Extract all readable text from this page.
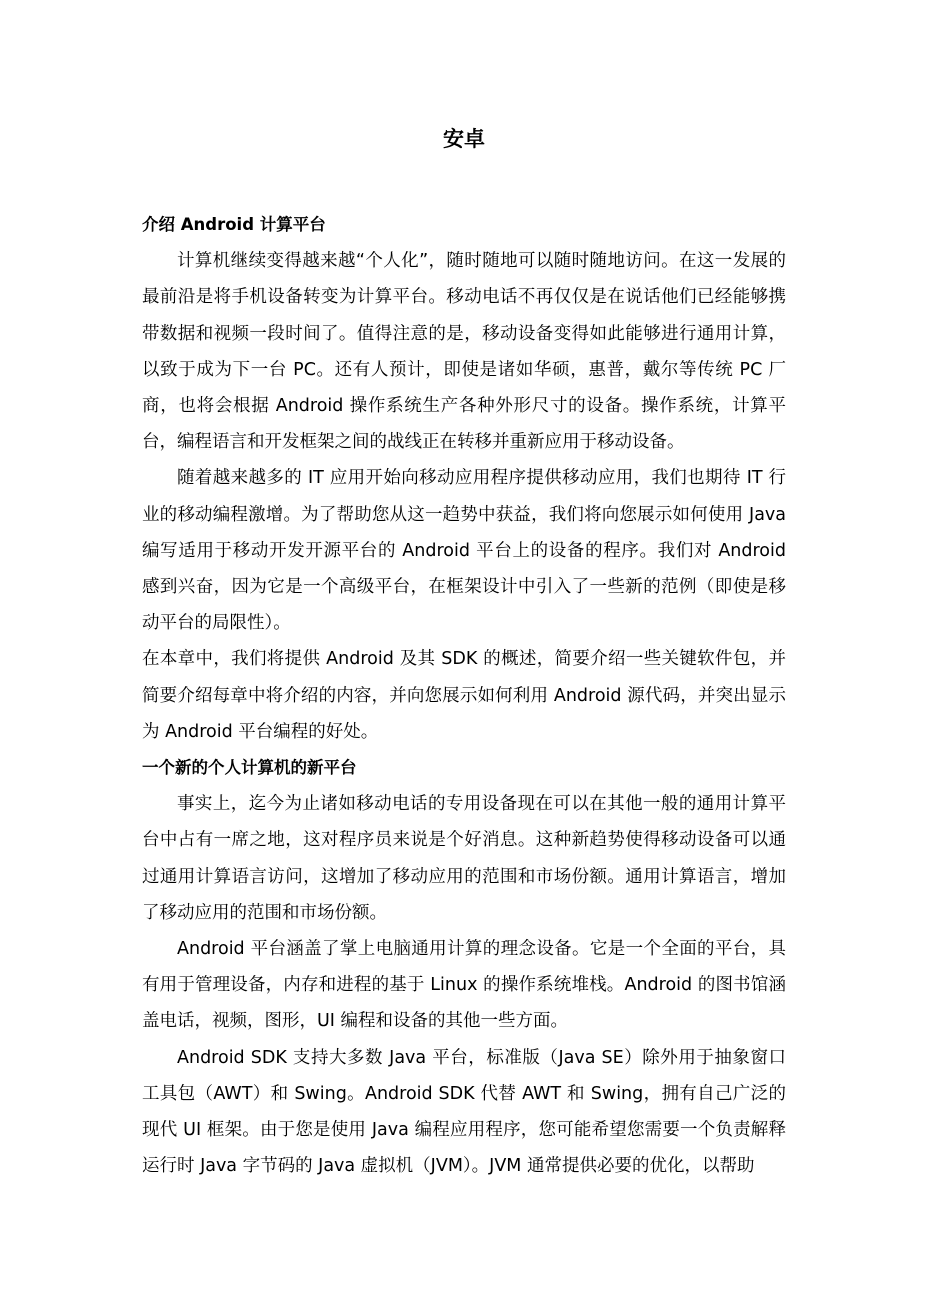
安卓
介绍 Android 计算平台

计算机继续变得越来越“个人化”，随时随地可以随时随地访问。在这一发展的最前沿是将手机设备转变为计算平台。移动电话不再仅仅是在说话他们已经能够携带数据和视频一段时间了。值得注意的是，移动设备变得如此能够进行通用计算，以致于成为下一台 PC。还有人预计，即使是诸如华硕，惠普，戴尔等传统 PC 厂商，也将会根据 Android 操作系统生产各种外形尺寸的设备。操作系统，计算平台，编程语言和开发框架之间的战线正在转移并重新应用于移动设备。

随着越来越多的 IT 应用开始向移动应用程序提供移动应用，我们也期待 IT 行业的移动编程激增。为了帮助您从这一趋势中获益，我们将向您展示如何使用 Java 编写适用于移动开发开源平台的 Android 平台上的设备的程序。我们对 Android 感到兴奋，因为它是一个高级平台，在框架设计中引入了一些新的范例（即使是移动平台的局限性）。

在本章中，我们将提供 Android 及其 SDK 的概述，简要介绍一些关键软件包，并简要介绍每章中将介绍的内容，并向您展示如何利用 Android 源代码，并突出显示 为 Android 平台编程的好处。

一个新的个人计算机的新平台

事实上，迄今为止诸如移动电话的专用设备现在可以在其他一般的通用计算平台中占有一席之地，这对程序员来说是个好消息。这种新趋势使得移动设备可以通过通用计算语言访问，这增加了移动应用的范围和市场份额。通用计算语言，增加了移动应用的范围和市场份额。

Android 平台涵盖了掌上电脑通用计算的理念设备。它是一个全面的平台，具有用于管理设备，内存和进程的基于 Linux 的操作系统堆栈。Android 的图书馆涵盖电话，视频，图形，UI 编程和设备的其他一些方面。

Android SDK 支持大多数 Java 平台，标准版（Java SE）除外用于抽象窗口工具包（AWT）和 Swing。Android SDK 代替 AWT 和 Swing，拥有自己广泛的现代 UI 框架。由于您是使用 Java 编程应用程序，您可能希望您需要一个负责解释运行时 Java 字节码的 Java 虚拟机（JVM）。JVM 通常提供必要的优化，以帮助
